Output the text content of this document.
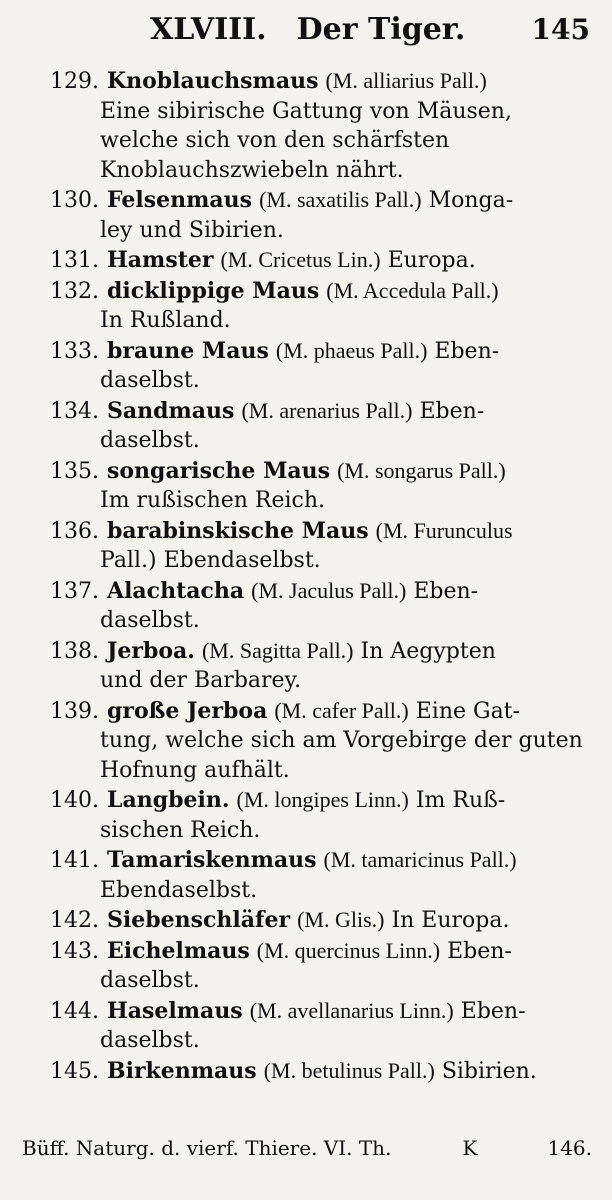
XLVIII. Der Tiger.	145
129. Knoblauchsmaus (M. alliarius Pall.)
Eine sibirische Gattung von Mäusen, welche sich von den schärfsten Knoblauchszwiebeln nährt.
130. Felsenmaus (M. saxatilis Pall.) Monga-
ley und Sibirien.
131. Hamster (M. Cricetus Lin.) Europa.
132. dicklippige Maus (M. Accedula Pall.)
In Rußland.
133. braune Maus (M. phaeus Pall.) Eben-
daselbst.
134. Sandmaus (M. arenarius Pall.) Eben-
daselbst.
135. songarische Maus (M. songarus Pall.)
Im rußischen Reich.
136. barabinskische Maus (M. Furunculus
Pall.) Ebendaselbst.
137. Alachtacha (M. Jaculus Pall.) Eben-
daselbst.
138. Jerboa. (M. Sagitta Pall.) In Aegypten
und der Barbarey.
139. große Jerboa (M. cafer Pall.) Eine Gat-
tung, welche sich am Vorgebirge der guten Hofnung aufhält.
140. Langbein. (M. longipes Linn.) Im Ruß-
sischen Reich.
141. Tamariskenmaus (M. tamaricinus Pall.)
Ebendaselbst.
142. Siebenschläfer (M. Glis.) In Europa.
143. Eichelmaus (M. quercinus Linn.) Eben-
daselbst.
144. Haselmaus (M. avellanarius Linn.) Eben-
daselbst.
145. Birkenmaus (M. betulinus Pall.) Sibirien.
Büff. Naturg. d. vierf. Thiere. VI. Th.	K	146.
